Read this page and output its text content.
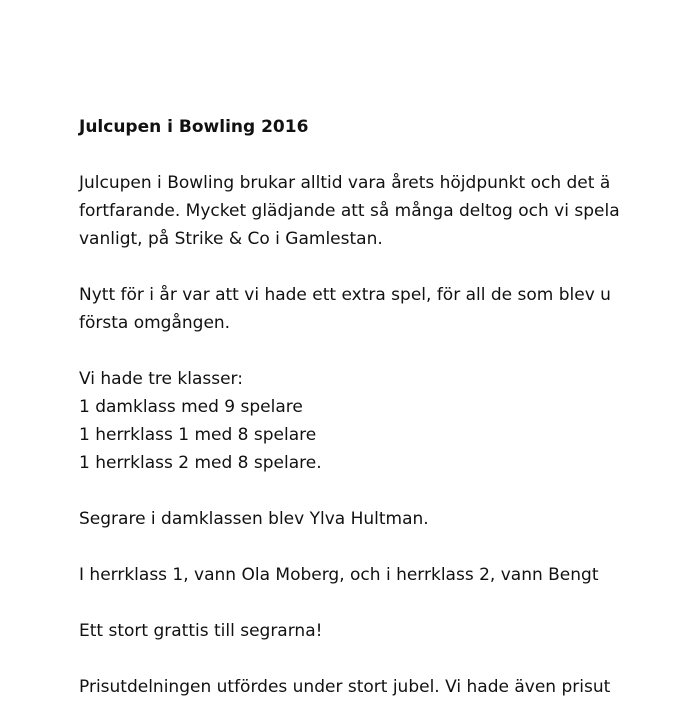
Julcupen i Bowling 2016
Julcupen i Bowling brukar alltid vara årets höjdpunkt och det ä
fortfarande. Mycket glädjande att så många deltog och vi spela
vanligt, på Strike & Co i Gamlestan.
Nytt för i år var att vi hade ett extra spel, för all de som blev u
första omgången.
Vi hade tre klasser:
1 damklass med 9 spelare
1 herrklass 1 med 8 spelare
1 herrklass 2 med 8 spelare.
Segrare i damklassen blev Ylva Hultman.
I herrklass 1, vann Ola Moberg, och i herrklass 2, vann Bengt
Ett stort grattis till segrarna!
Prisutdelningen utfördes under stort jubel. Vi hade även prisut
